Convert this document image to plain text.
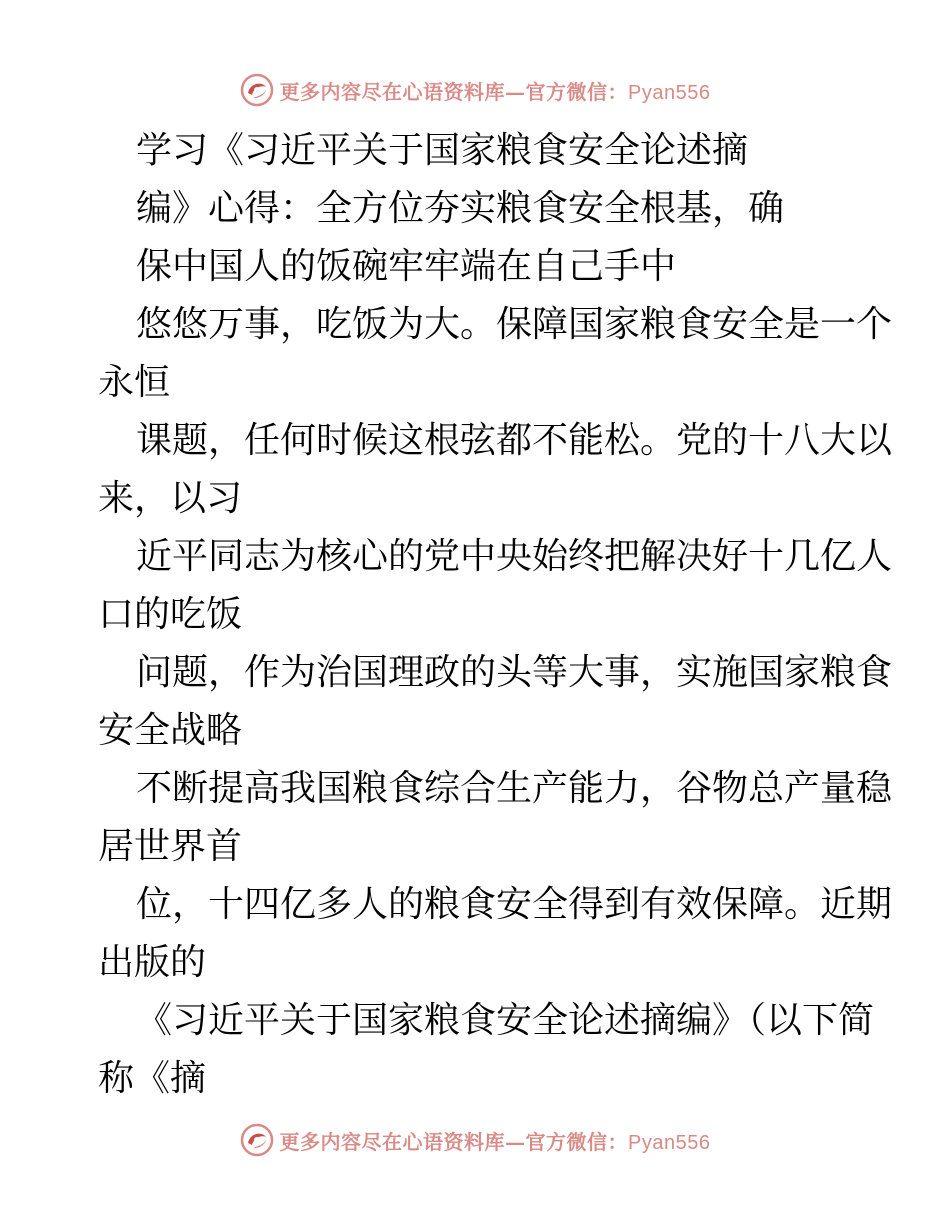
更多内容尽在心语资料库—官方微信：Pyan556
学习《习近平关于国家粮食安全论述摘
编》心得：全方位夯实粮食安全根基，确
保中国人的饭碗牢牢端在自己手中
悠悠万事，吃饭为大。保障国家粮食安全是一个
永恒
课题，任何时候这根弦都不能松。党的十八大以
来，以习
近平同志为核心的党中央始终把解决好十几亿人
口的吃饭
问题，作为治国理政的头等大事，实施国家粮食
安全战略
不断提高我国粮食综合生产能力，谷物总产量稳
居世界首
位，十四亿多人的粮食安全得到有效保障。近期
出版的
《习近平关于国家粮食安全论述摘编》（以下简
称《摘
更多内容尽在心语资料库—官方微信：Pyan556
